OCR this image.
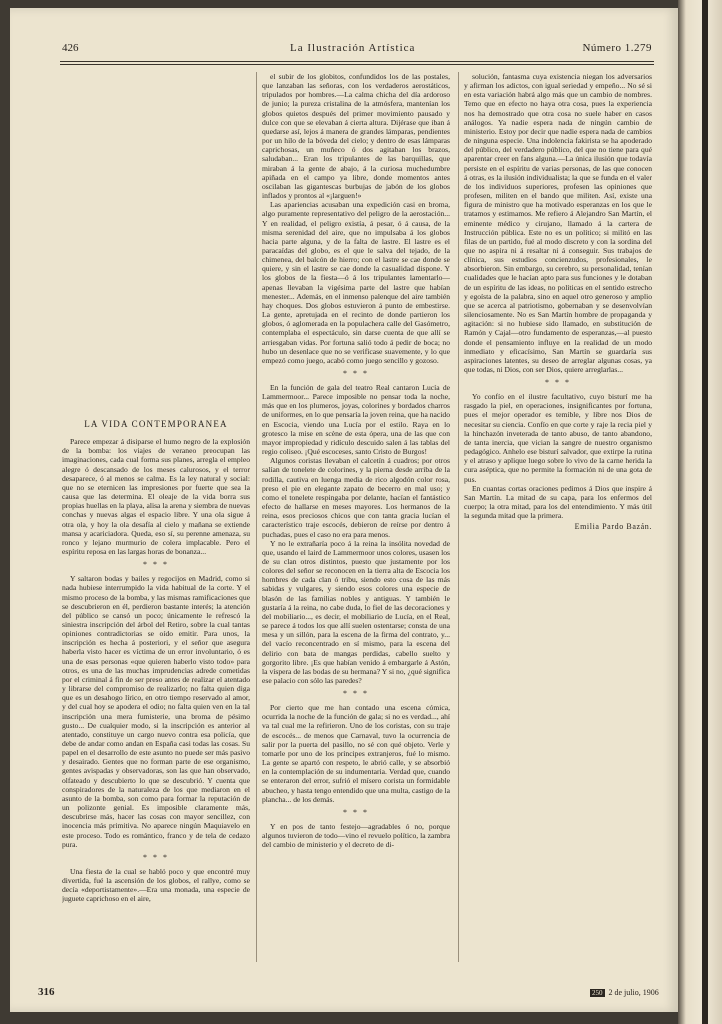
426	La Ilustración Artística	Número 1.279
LA VIDA CONTEMPORÁNEA

Parece empezar á disiparse el humo negro de la explosión de la bomba: los viajes de veraneo preocupan las imaginaciones, cada cual forma sus planes, arregla el empleo alegre ó descansado de los meses calurosos, y el terror desaparece, ó al menos se calma. Es la ley natural y social: que no se eternicen las impresiones por fuerte que sea la causa que las determina. El oleaje de la vida borra sus propias huellas en la playa, alisa la arena y siembra de nuevas conchas y nuevas algas el espacio libre. Y una ola sigue á otra ola, y hoy la ola desafía al cielo y mañana se extiende mansa y acariciadora. Queda, eso sí, su perenne amenaza, su ronco y lejano murmurio de colera implacable. Pero el espíritu reposa en las largas horas de bonanza...

* * *

Y saltaron bodas y bailes y regocijos en Madrid, como si nada hubiese interrumpido la vida habitual de la corte. Y el mismo proceso de la bomba, y las mismas ramificaciones que se descubrieron en él, perdieron bastante interés; la atención del público se cansó un poco; únicamente le refrescó la siniestra inscripción del árbol del Retiro, sobre la cual tantas opiniones contradictorias se oído emitir. Para unos, la inscripción es hecha á posteriori, y el señor que asegura haberla visto hacer es víctima de un error involuntario, ó es una de esas personas «que quieren haberlo visto todo» para otros, es una de las muchas imprudencias adrede cometidas por el criminal á fin de ser preso antes de realizar el atentado y librarse del compromiso de realizarlo; no falta quien diga que es un desahogo lírico, en otro tiempo reservado al amor, y del cual hoy se apodera el odio; no falta quien ven en la tal inscripción una mera fumisterie, una broma de pésimo gusto... De cualquier modo, si la inscripción es anterior al atentado, constituye un cargo nuevo contra esa policía, que debe de andar como andan en España casi todas las cosas. Su papel en el desarrollo de este asunto no puede ser más pasivo y desairado. Gentes que no forman parte de ese organismo, gentes avispadas y observadoras, son las que han observado, olfateado y descubierto lo que se descubrió. Y cuenta que conspiradores de la naturaleza de los que mediaron en el asunto de la bomba, son como para formar la reputación de un polizonte genial. Es imposible claramente más, descubrirse más, hacer las cosas con mayor sencillez, con inocencia más primitiva. No aparece ningún Maquiavelo en este proceso. Todo es romántico, franco y de tela de cedazo pura.

* * *

Una fiesta de la cual se habló poco y que encontré muy divertida, fué la ascensión de los globos, el rallye, como se decía «deportistamente».—Era una monada, una especie de juguete caprichoso en el aire,

el subir de los globitos, confundidos los de las postales, que lanzaban las señoras, con los verdaderos aerostáticos, tripulados por hombres.—La calma chicha del día ardoroso de junio; la pureza cristalina de la atmósfera, mantenían los globos quietos después del primer movimiento pausado y dulce con que se elevaban á cierta altura. Dijérase que iban á quedarse así, lejos á manera de grandes lámparas, pendientes por un hilo de la bóveda del cielo; y dentro de esas lámparas caprichosas, un muñeco ó dos agitaban los brazos, saludaban... Eran los tripulantes de las barquillas, que miraban á la gente de abajo, á la curiosa muchedumbre apiñada en el campo ya libre, donde momentos antes oscilaban las gigantescas burbujas de jabón de los globos inflados y prontos al «¡larguen!»

Las apariencias acusaban una expedición casi en broma, algo puramente representativo del peligro de la aerostación... Y en realidad, el peligro existía, á pesar, ó á causa, de la misma serenidad del aire, que no impulsaba á los globos hacia parte alguna, y de la falta de lastre. El lastre es el paracaídas del globo, es el que le salva del tejado, de la chimenea, del balcón de hierro; con el lastre se cae donde se quiere, y sin el lastre se cae donde la casualidad dispone. Y los globos de la fiesta—ó á los tripulantes lamentarlo—apenas llevaban la vigésima parte del lastre que habían menester... Además, en el inmenso palenque del aire también hay choques. Dos globos estuvieron á punto de embestirse. La gente, apretujada en el recinto de donde partieron los globos, ó aglomerada en la populachera calle del Gasómetro, contemplaba el espectáculo, sin darse cuenta de que allí se arriesgaban vidas. Por fortuna salió todo á pedir de boca; no hubo un desenlace que no se verificase suavemente, y lo que empezó como juego, acabó como juego sencillo y gozoso.

* * *

En la función de gala del teatro Real cantaron Lucía de Lammermoor... Parece imposible no pensar toda la noche, más que en los plumeros, joyas, colorines y bordados charros de uniformes, en lo que pensaría la joven reina, que ha nacido en Escocia, viendo una Lucía por el estilo. Raya en lo grotesco la mise en scène de esta ópera, una de las que con mayor impropiedad y ridículo descuido salen á las tablas del regio coliseo. ¡Qué escoceses, santo Cristo de Burgos!

Algunos coristas llevaban el calcetín á cuadros; por otros salían de tonelete de colorines, y la pierna desde arriba de la rodilla, cautiva en luenga media de rico algodón color rosa, preso el pie en elegante zapato de becerro en mal uso; y como el tonelete respingaba por delante, hacían el fantástico efecto de hallarse en meses mayores. Los hermanos de la reina, esos preciosos chicos que con tanta gracia lucían el característico traje escocés, debieron de reírse por dentro á puchadas, pues el caso no era para menos.

Y no le extrañaría poco á la reina la insólita novedad de que, usando el laird de Lammermoor unos colores, usasen los de su clan otros distintos, puesto que justamente por los colores del señor se reconocen en la tierra alta de Escocia los hombres de cada clan ó tribu, siendo esto cosa de las más sabidas y vulgares, y siendo esos colores una especie de blasón de las familias nobles y antiguas. Y también le gustaría á la reina, no cabe duda, lo fiel de las decoraciones y del mobiliario..., es decir, el mobiliario de Lucía, en el Real, se parece á todos los que allí suelen ostentarse; consta de una mesa y un sillón, para la escena de la firma del contrato, y... del vacío reconcentrado en sí mismo, para la escena del delirio con bata de mangas perdidas, cabello suelto y gorgorito libre. ¡Es que habían venido á embargarle á Astón, la víspera de las bodas de su hermana? Y si no, ¿qué significa ese palacio con sólo las paredes?

* * *

Por cierto que me han contado una escena cómica, ocurrida la noche de la función de gala; si no es verdad..., ahí va tal cual me la refirieron. Uno de los coristas, con su traje de escocés... de menos que Carnaval, tuvo la ocurrencia de salir por la puerta del pasillo, no sé con qué objeto. Verle y tomarle por uno de los príncipes extranjeros, fué lo mismo. La gente se apartó con respeto, le abrió calle, y se absorbió en la contemplación de su indumentaria. Verdad que, cuando se enteraron del error, sufrió el mísero corista un formidable abucheo, y hasta tengo entendido que una multa, castigo de la plancha... de los demás.

* * *

Y en pos de tanto festejo—agradables ó no, porque algunos tuvieron de todo—vino el revuelo político, la zambra del cambio de ministerio y el decreto de di-

solución, fantasma cuya existencia niegan los adversarios y afirman los adictos, con igual seriedad y empeño... No sé si en esta variación habrá algo más que un cambio de nombres. Temo que en efecto no haya otra cosa, pues la experiencia nos ha demostrado que otra cosa no suele haber en casos análogos. Ya nadie espera nada de ningún cambio de ministerio. Estoy por decir que nadie espera nada de cambios de ninguna especie. Una indolencia fakirista se ha apoderado del público, del verdadero público, del que no tiene para qué aparentar creer en fans alguna.—La única ilusión que todavía persiste en el espíritu de varias personas, de las que conocen á otras, es la ilusión individualista; la que se funda en el valer de los individuos superiores, profesen las opiniones que profesen, militen en el bando que militen. Así, existe una figura de ministro que ha motivado esperanzas en los que le tratamos y estimamos. Me refiero á Alejandro San Martín, el eminente médico y cirujano, llamado á la cartera de Instrucción pública. Este no es un político; si militó en las filas de un partido, fué al modo discreto y con la sordina del que no aspira ni á resaltar ni á conseguir. Sus trabajos de clínica, sus estudios concienzudos, profesionales, le absorbieron. Sin embargo, su cerebro, su personalidad, tenían cualidades que le hacían apto para sus funciones y le dotaban de un espíritu de las ideas, no políticas en el sentido estrecho y egoísta de la palabra, sino en aquel otro generoso y amplio que se acerca al patriotismo, gobernaban y se desenvolvían silenciosamente. No es San Martín hombre de propaganda y agitación: si no hubiese sido llamado, en substitución de Ramón y Cajal—otro fundamento de esperanzas,—al puesto donde el pensamiento influye en la realidad de un modo inmediato y eficacísimo, San Martín se guardaría sus aspiraciones latentes, su deseo de arreglar algunas cosas, ya que todas, ni Dios, con ser Dios, quiere arreglarlas...

* * *

Yo confío en el ilustre facultativo, cuyo bisturí me ha rasgado la piel, en operaciones, insignificantes por fortuna, pues el mejor operador es temible, y libre nos Dios de necesitar su ciencia. Confío en que corte y raje la recia piel y la hinchazón inveterada de tanto abuso, de tanto abandono, de tanta inercia, que vician la sangre de nuestro organismo pedagógico. Anhelo ese bisturí salvador, que extirpe la rutina y el atraso y aplique luego sobre lo vivo de la carne herida la cura aséptica, que no permite la formación ni de una gota de pus.

En cuantas cortas oraciones pedimos á Dios que inspire á San Martín. La mitad de su capa, para los enfermos del cuerpo; la otra mitad, para los del entendimiento. Y más útil la segunda mitad que la primera.

Emilia Pardo Bazán.
316	250 2 de julio, 1906
